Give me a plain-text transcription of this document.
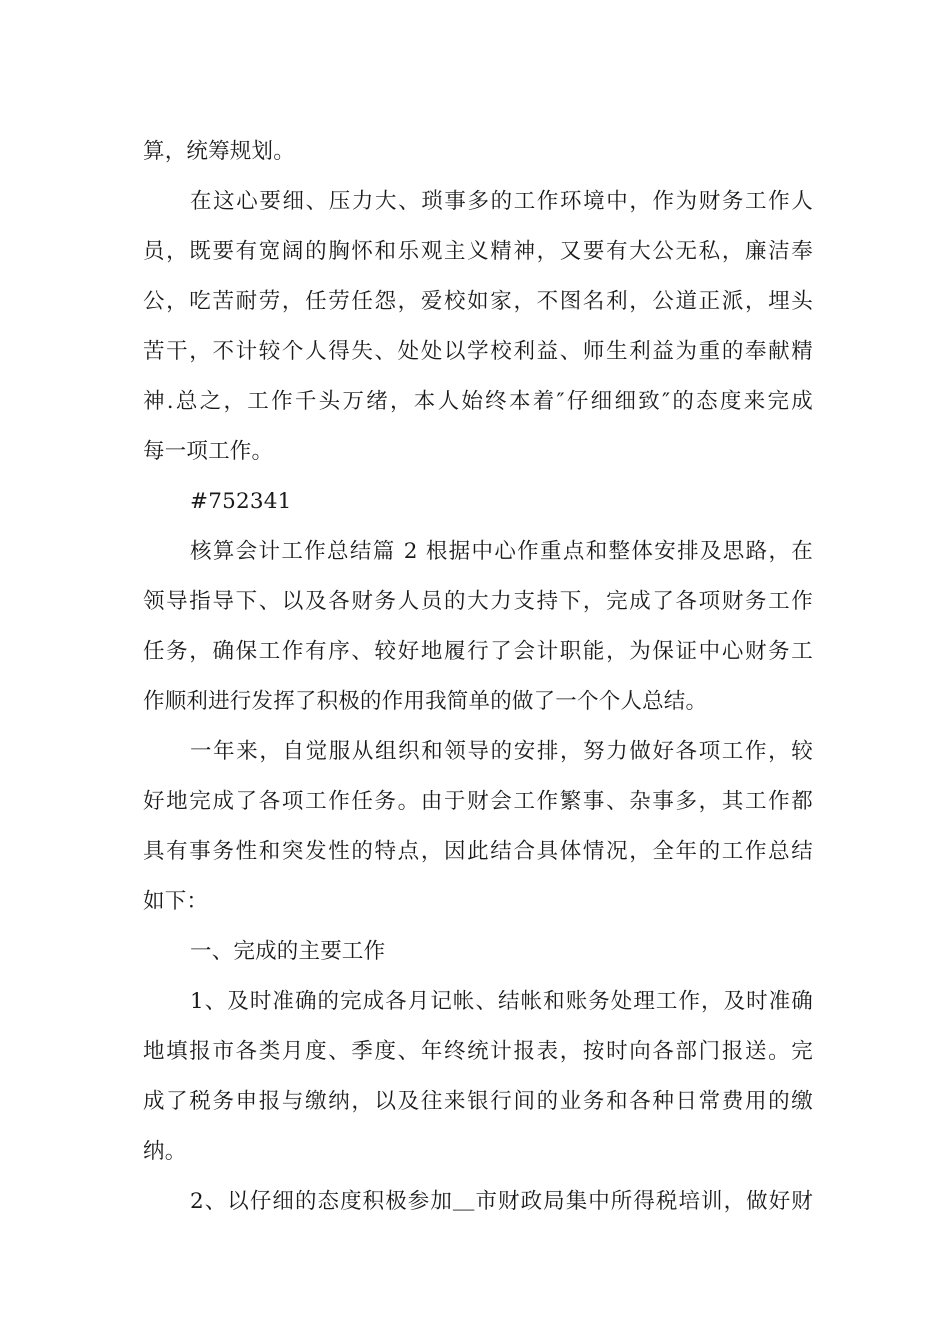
算，统筹规划。
在这心要细、压力大、琐事多的工作环境中，作为财务工作人
员，既要有宽阔的胸怀和乐观主义精神，又要有大公无私，廉洁奉
公，吃苦耐劳，任劳任怨，爱校如家，不图名利，公道正派，埋头
苦干，不计较个人得失、处处以学校利益、师生利益为重的奉献精
神.总之，工作千头万绪，本人始终本着″仔细细致″的态度来完成
每一项工作。
#752341
核算会计工作总结篇 2 根据中心作重点和整体安排及思路，在
领导指导下、以及各财务人员的大力支持下，完成了各项财务工作
任务，确保工作有序、较好地履行了会计职能，为保证中心财务工
作顺利进行发挥了积极的作用我简单的做了一个个人总结。
一年来，自觉服从组织和领导的安排，努力做好各项工作，较
好地完成了各项工作任务。由于财会工作繁事、杂事多，其工作都
具有事务性和突发性的特点，因此结合具体情况，全年的工作总结
如下：
一、完成的主要工作
1、及时准确的完成各月记帐、结帐和账务处理工作，及时准确
地填报市各类月度、季度、年终统计报表，按时向各部门报送。完
成了税务申报与缴纳，以及往来银行间的业务和各种日常费用的缴
纳。
2、以仔细的态度积极参加＿市财政局集中所得税培训，做好财
